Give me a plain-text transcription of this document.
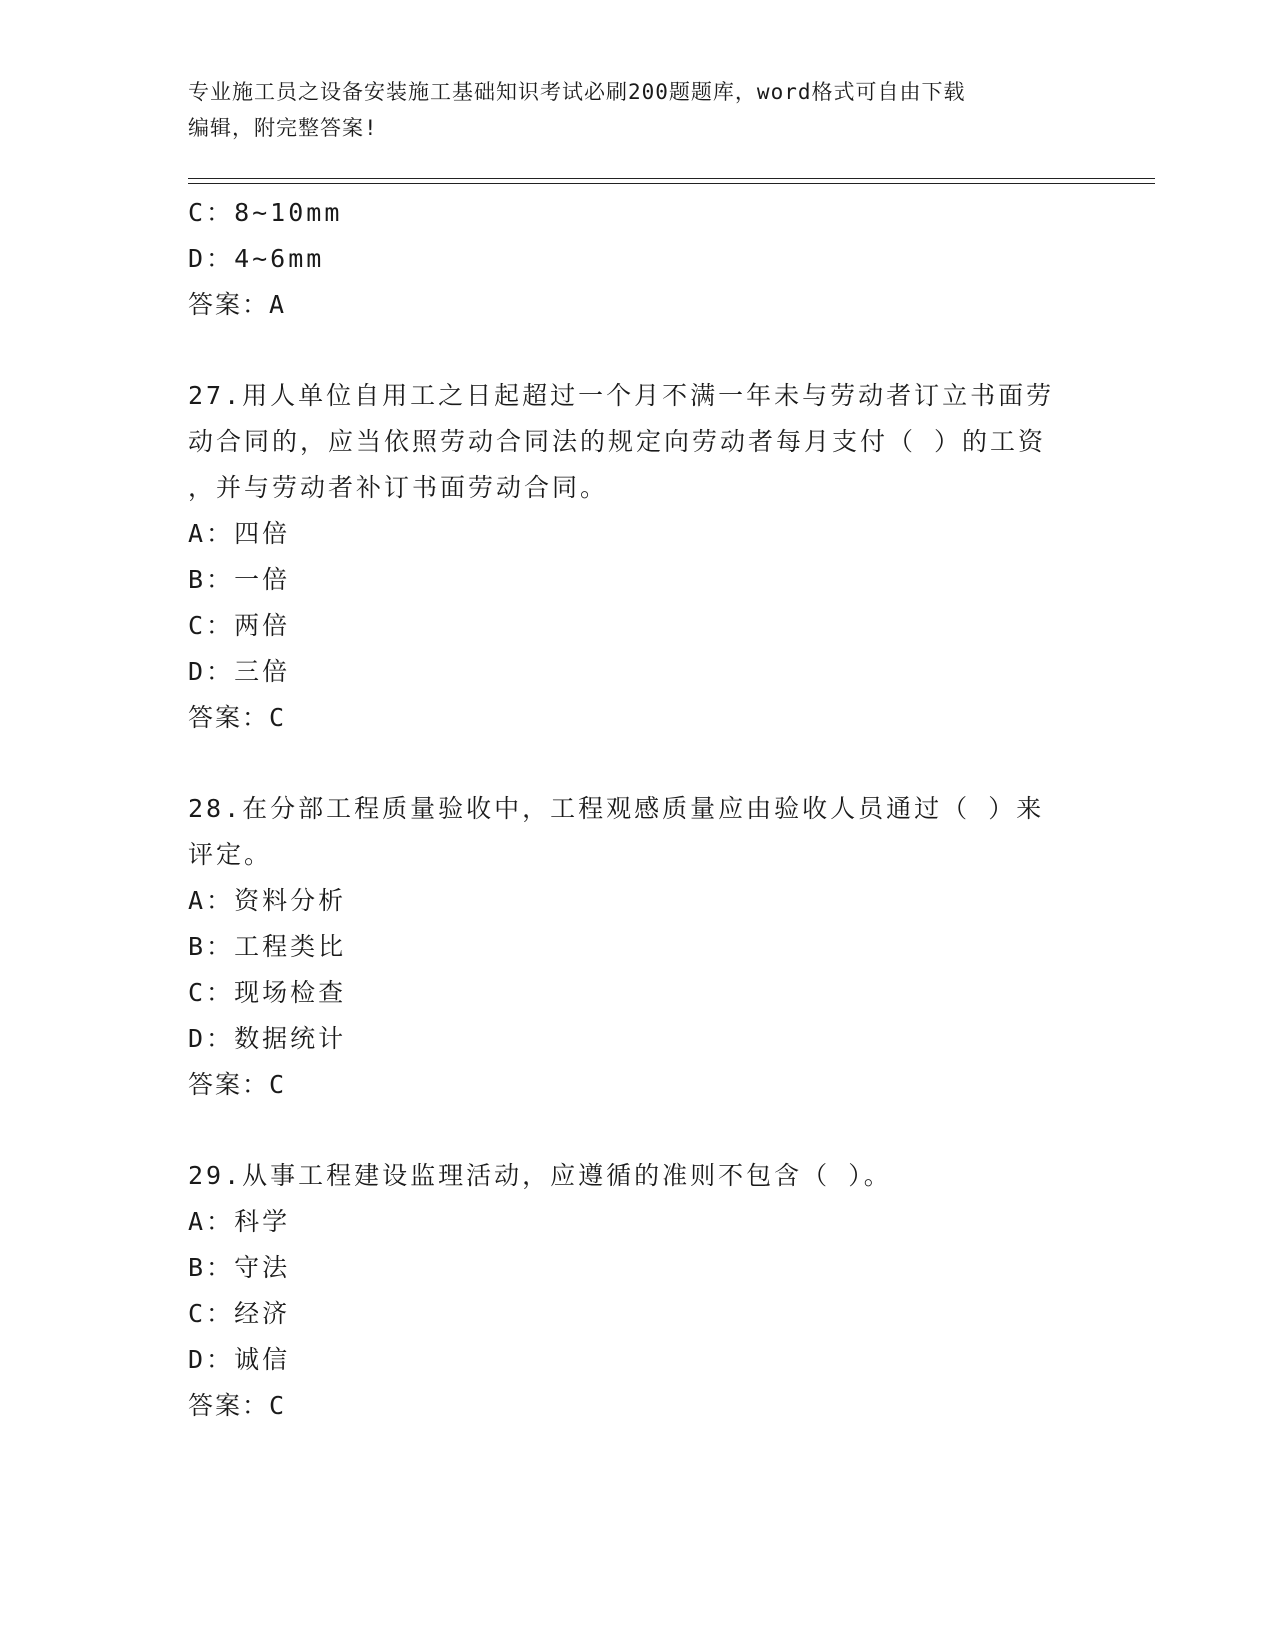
专业施工员之设备安装施工基础知识考试必刷200题题库，word格式可自由下载
编辑，附完整答案!
C：8~10mm
D：4~6mm
答案：A
27.用人单位自用工之日起超过一个月不满一年未与劳动者订立书面劳
动合同的，应当依照劳动合同法的规定向劳动者每月支付（ ）的工资
，并与劳动者补订书面劳动合同。
A：四倍
B：一倍
C：两倍
D：三倍
答案：C
28.在分部工程质量验收中，工程观感质量应由验收人员通过（ ）来
评定。
A：资料分析
B：工程类比
C：现场检查
D：数据统计
答案：C
29.从事工程建设监理活动，应遵循的准则不包含（ ）。
A：科学
B：守法
C：经济
D：诚信
答案：C
